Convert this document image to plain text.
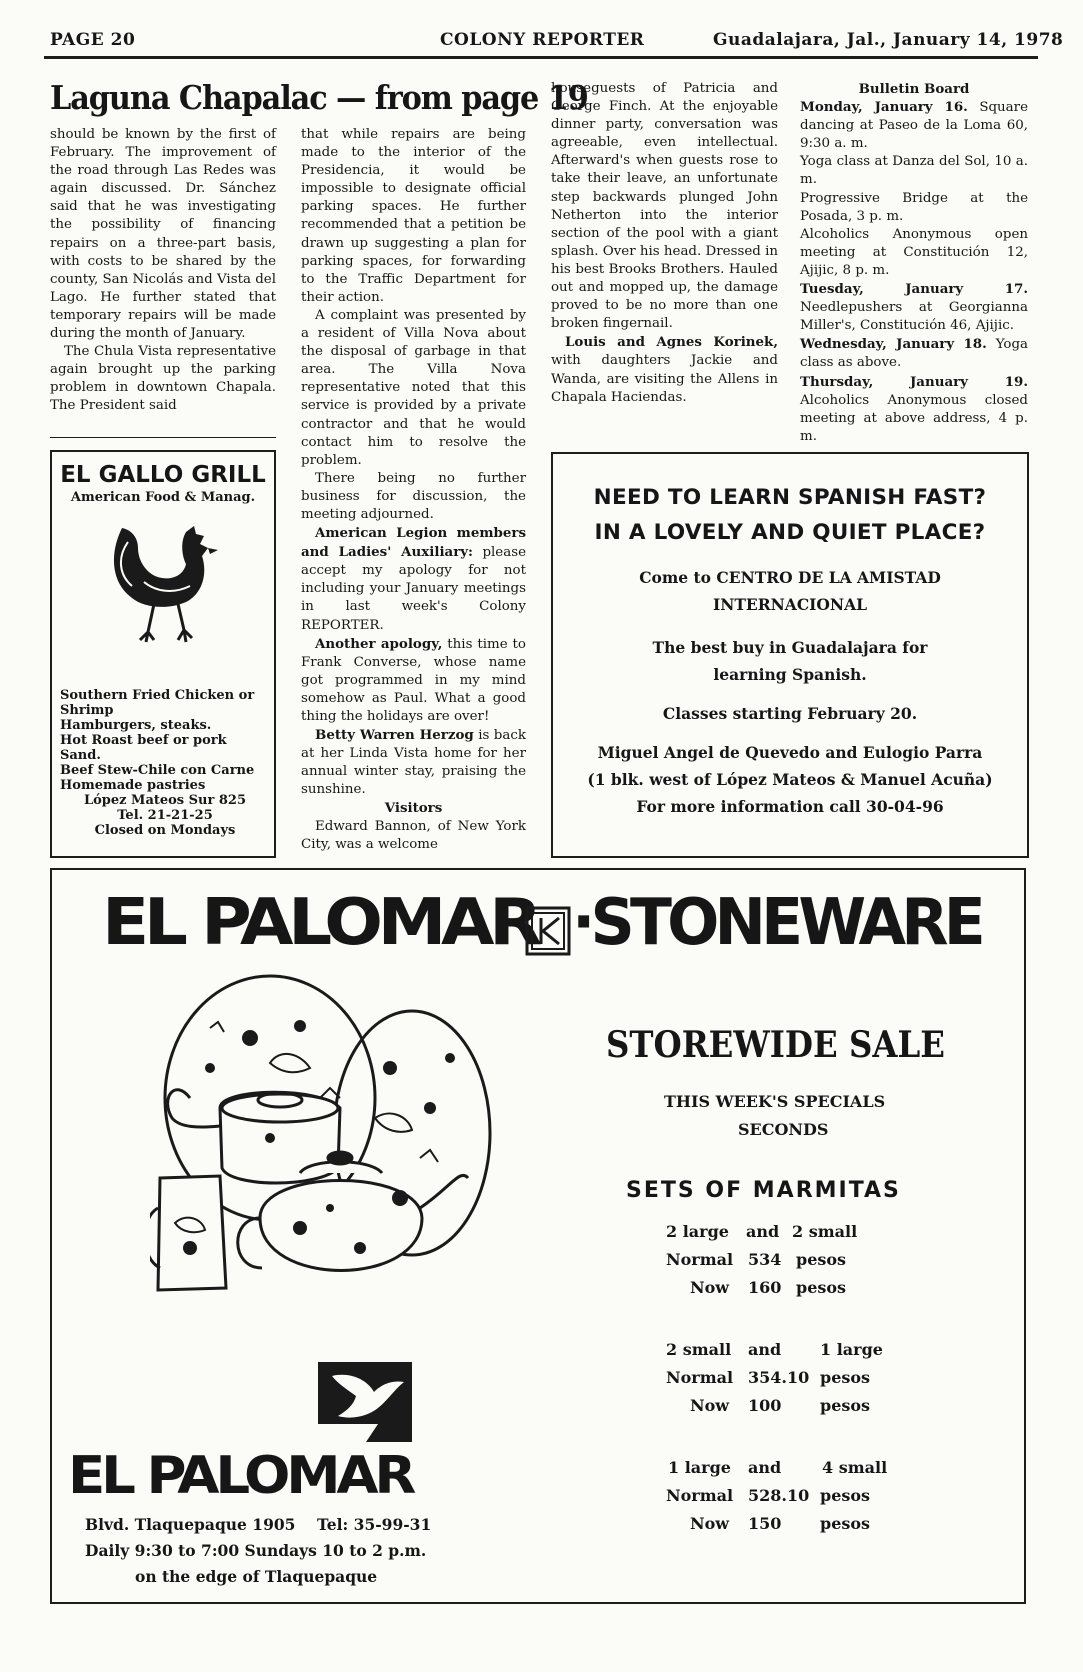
PAGE 20	COLONY REPORTER	Guadalajara, Jal., January 14, 1978
Laguna Chapalac — from page 19

should be known by the first of February. The improvement of the road through Las Redes was again discussed. Dr. Sánchez said that he was investigating the possibility of financing repairs on a three-part basis, with costs to be shared by the county, San Nicolás and Vista del Lago. He further stated that temporary repairs will be made during the month of January.

The Chula Vista representative again brought up the parking problem in downtown Chapala. The President said

EL GALLO GRILL
American Food & Manag.
Southern Fried Chicken or Shrimp
Hamburgers, steaks.
Hot Roast beef or pork Sand.
Beef Stew-Chile con Carne
Homemade pastries
López Mateos Sur 825
Tel. 21-21-25
Closed on Mondays

that while repairs are being made to the interior of the Presidencia, it would be impossible to designate official parking spaces. He further recommended that a petition be drawn up suggesting a plan for parking spaces, for forwarding to the Traffic Department for their action.

A complaint was presented by a resident of Villa Nova about the disposal of garbage in that area. The Villa Nova representative noted that this service is provided by a private contractor and that he would contact him to resolve the problem.

There being no further business for discussion, the meeting adjourned.

American Legion members and Ladies' Auxiliary: please accept my apology for not including your January meetings in last week's Colony REPORTER.

Another apology, this time to Frank Converse, whose name got programmed in my mind somehow as Paul. What a good thing the holidays are over!

Betty Warren Herzog is back at her Linda Vista home for her annual winter stay, praising the sunshine.

Visitors

Edward Bannon, of New York City, was a welcome

houseguests of Patricia and George Finch. At the enjoyable dinner party, conversation was agreeable, even intellectual. Afterward's when guests rose to take their leave, an unfortunate step backwards plunged John Netherton into the interior section of the pool with a giant splash. Over his head. Dressed in his best Brooks Brothers. Hauled out and mopped up, the damage proved to be no more than one broken fingernail.

Louis and Agnes Korinek, with daughters Jackie and Wanda, are visiting the Allens in Chapala Haciendas.

Bulletin Board

Monday, January 16. Square dancing at Paseo de la Loma 60, 9:30 a. m.

Yoga class at Danza del Sol, 10 a. m.

Progressive Bridge at the Posada, 3 p. m.

Alcoholics Anonymous open meeting at Constitución 12, Ajijic, 8 p. m.

Tuesday, January 17. Needlepushers at Georgianna Miller's, Constitución 46, Ajijic.

Wednesday, January 18. Yoga class as above.

Thursday, January 19. Alcoholics Anonymous closed meeting at above address, 4 p. m.

NEED TO LEARN SPANISH FAST?
IN A LOVELY AND QUIET PLACE?
Come to CENTRO DE LA AMISTAD
INTERNACIONAL
The best buy in Guadalajara for
learning Spanish.
Classes starting February 20.
Miguel Angel de Quevedo and Eulogio Parra
(1 blk. west of López Mateos & Manuel Acuña)
For more information call 30-04-96
EL PALOMAR ·STONEWARE
STOREWIDE SALE
THIS WEEK'S SPECIALS
SECONDS
SETS OF MARMITAS
2 large and 2 small
Normal 534 pesos
Now 160 pesos
2 small and 1 large
Normal 354.10 pesos
Now 100 pesos
1 large and	4 small
Normal 528.10 pesos
Now 150 pesos
EL PALOMAR
Blvd. Tlaquepaque 1905 Tel: 35-99-31
Daily 9:30 to 7:00 Sundays 10 to 2 p.m.
on the edge of Tlaquepaque
